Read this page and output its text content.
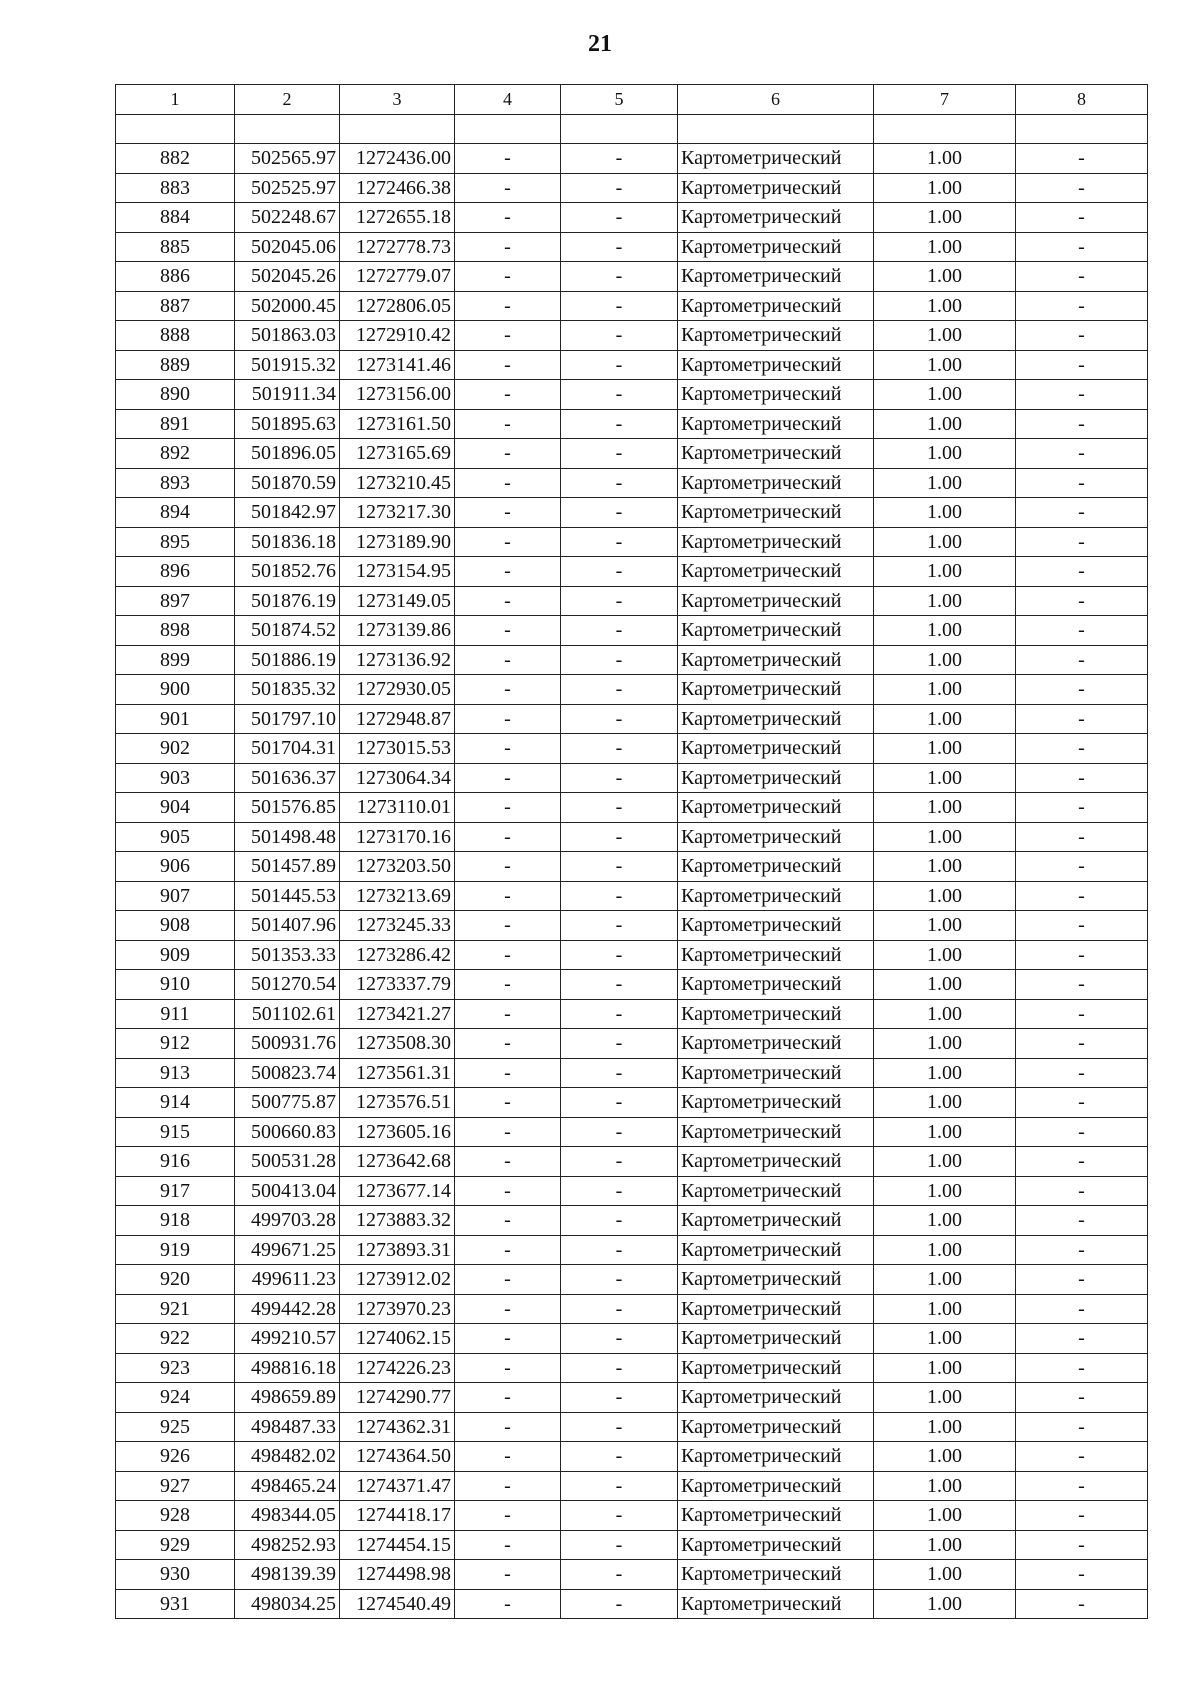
21
1	2	3	4	5	6	7	8

882	502565.97	1272436.00	-	-	Картометрический	1.00	-
883	502525.97	1272466.38	-	-	Картометрический	1.00	-
884	502248.67	1272655.18	-	-	Картометрический	1.00	-
885	502045.06	1272778.73	-	-	Картометрический	1.00	-
886	502045.26	1272779.07	-	-	Картометрический	1.00	-
887	502000.45	1272806.05	-	-	Картометрический	1.00	-
888	501863.03	1272910.42	-	-	Картометрический	1.00	-
889	501915.32	1273141.46	-	-	Картометрический	1.00	-
890	501911.34	1273156.00	-	-	Картометрический	1.00	-
891	501895.63	1273161.50	-	-	Картометрический	1.00	-
892	501896.05	1273165.69	-	-	Картометрический	1.00	-
893	501870.59	1273210.45	-	-	Картометрический	1.00	-
894	501842.97	1273217.30	-	-	Картометрический	1.00	-
895	501836.18	1273189.90	-	-	Картометрический	1.00	-
896	501852.76	1273154.95	-	-	Картометрический	1.00	-
897	501876.19	1273149.05	-	-	Картометрический	1.00	-
898	501874.52	1273139.86	-	-	Картометрический	1.00	-
899	501886.19	1273136.92	-	-	Картометрический	1.00	-
900	501835.32	1272930.05	-	-	Картометрический	1.00	-
901	501797.10	1272948.87	-	-	Картометрический	1.00	-
902	501704.31	1273015.53	-	-	Картометрический	1.00	-
903	501636.37	1273064.34	-	-	Картометрический	1.00	-
904	501576.85	1273110.01	-	-	Картометрический	1.00	-
905	501498.48	1273170.16	-	-	Картометрический	1.00	-
906	501457.89	1273203.50	-	-	Картометрический	1.00	-
907	501445.53	1273213.69	-	-	Картометрический	1.00	-
908	501407.96	1273245.33	-	-	Картометрический	1.00	-
909	501353.33	1273286.42	-	-	Картометрический	1.00	-
910	501270.54	1273337.79	-	-	Картометрический	1.00	-
911	501102.61	1273421.27	-	-	Картометрический	1.00	-
912	500931.76	1273508.30	-	-	Картометрический	1.00	-
913	500823.74	1273561.31	-	-	Картометрический	1.00	-
914	500775.87	1273576.51	-	-	Картометрический	1.00	-
915	500660.83	1273605.16	-	-	Картометрический	1.00	-
916	500531.28	1273642.68	-	-	Картометрический	1.00	-
917	500413.04	1273677.14	-	-	Картометрический	1.00	-
918	499703.28	1273883.32	-	-	Картометрический	1.00	-
919	499671.25	1273893.31	-	-	Картометрический	1.00	-
920	499611.23	1273912.02	-	-	Картометрический	1.00	-
921	499442.28	1273970.23	-	-	Картометрический	1.00	-
922	499210.57	1274062.15	-	-	Картометрический	1.00	-
923	498816.18	1274226.23	-	-	Картометрический	1.00	-
924	498659.89	1274290.77	-	-	Картометрический	1.00	-
925	498487.33	1274362.31	-	-	Картометрический	1.00	-
926	498482.02	1274364.50	-	-	Картометрический	1.00	-
927	498465.24	1274371.47	-	-	Картометрический	1.00	-
928	498344.05	1274418.17	-	-	Картометрический	1.00	-
929	498252.93	1274454.15	-	-	Картометрический	1.00	-
930	498139.39	1274498.98	-	-	Картометрический	1.00	-
931	498034.25	1274540.49	-	-	Картометрический	1.00	-
